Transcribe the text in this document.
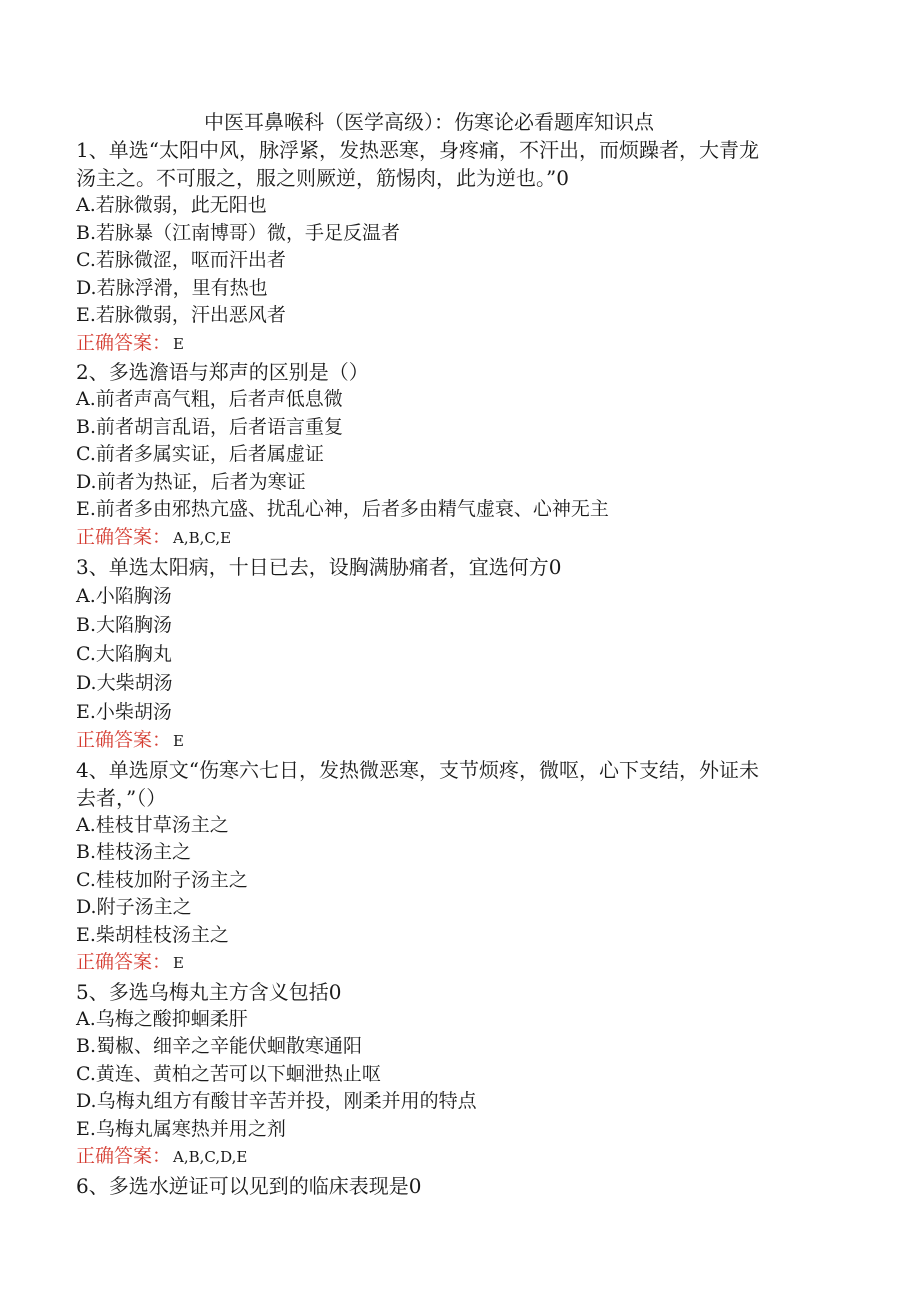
中医耳鼻喉科（医学高级）：伤寒论必看题库知识点
1、单选“太阳中风，脉浮紧，发热恶寒，身疼痛，不汗出，而烦躁者，大青龙
汤主之。不可服之，服之则厥逆，筋惕肉，此为逆也。”0
A.若脉微弱，此无阳也
B.若脉暴（江南博哥）微，手足反温者
C.若脉微涩，呕而汗出者
D.若脉浮滑，里有热也
E.若脉微弱，汗出恶风者
正确答案： E
2、多选澹语与郑声的区别是（）
A.前者声高气粗，后者声低息微
B.前者胡言乱语，后者语言重复
C.前者多属实证，后者属虚证
D.前者为热证，后者为寒证
E.前者多由邪热亢盛、扰乱心神，后者多由精气虚衰、心神无主
正确答案： A,B,C,E
3、单选太阳病，十日已去，设胸满胁痛者，宜选何方0
A.小陷胸汤
B.大陷胸汤
C.大陷胸丸
D.大柴胡汤
E.小柴胡汤
正确答案： E
4、单选原文“伤寒六七日，发热微恶寒，支节烦疼，微呕，心下支结，外证未
去者，”（）
A.桂枝甘草汤主之
B.桂枝汤主之
C.桂枝加附子汤主之
D.附子汤主之
E.柴胡桂枝汤主之
正确答案： E
5、多选乌梅丸主方含义包括0
A.乌梅之酸抑蛔柔肝
B.蜀椒、细辛之辛能伏蛔散寒通阳
C.黄连、黄柏之苦可以下蛔泄热止呕
D.乌梅丸组方有酸甘辛苦并投，刚柔并用的特点
E.乌梅丸属寒热并用之剂
正确答案： A,B,C,D,E
6、多选水逆证可以见到的临床表现是0
